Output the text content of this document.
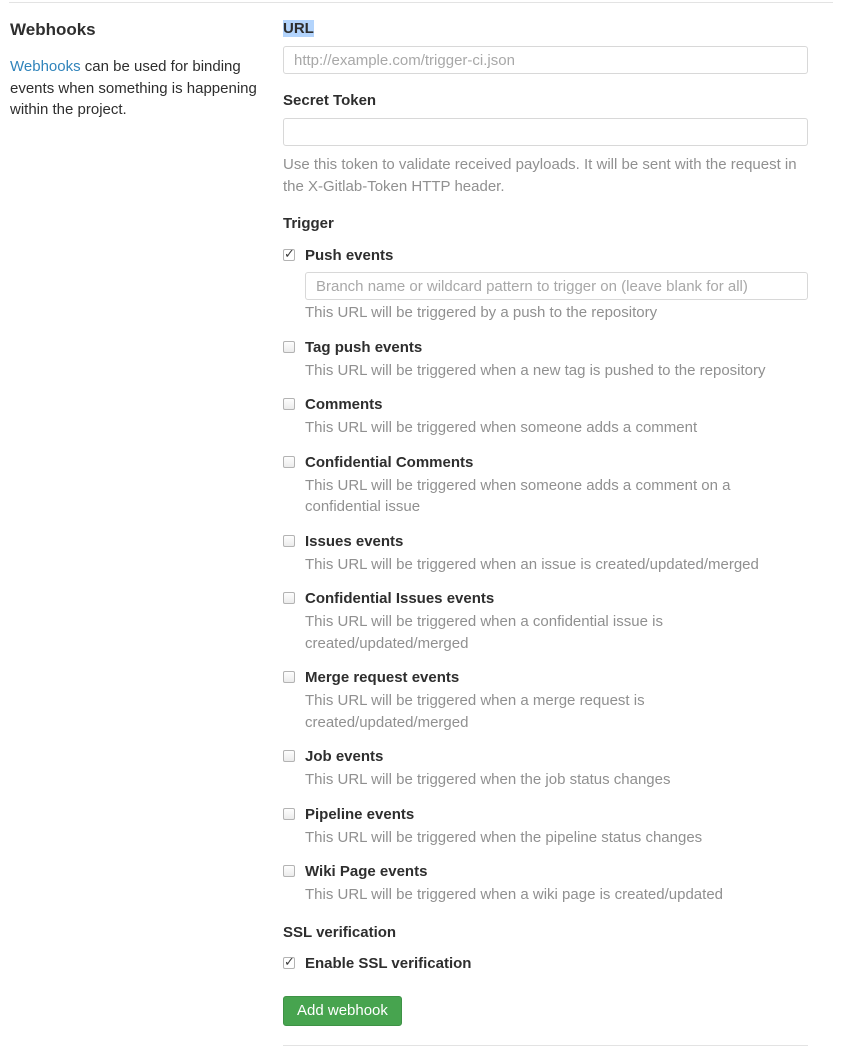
Webhooks

Webhooks can be used for binding events when something is happening within the project.

URL
http://example.com/trigger-ci.json
Secret Token
Use this token to validate received payloads. It will be sent with the request in the X-Gitlab-Token HTTP header.
Trigger
✓
Push events
Branch name or wildcard pattern to trigger on (leave blank for all)
This URL will be triggered by a push to the repository
Tag push events
This URL will be triggered when a new tag is pushed to the repository
Comments
This URL will be triggered when someone adds a comment
Confidential Comments
This URL will be triggered when someone adds a comment on a confidential issue
Issues events
This URL will be triggered when an issue is created/updated/merged
Confidential Issues events
This URL will be triggered when a confidential issue is created/updated/merged
Merge request events
This URL will be triggered when a merge request is created/updated/merged
Job events
This URL will be triggered when the job status changes
Pipeline events
This URL will be triggered when the pipeline status changes
Wiki Page events
This URL will be triggered when a wiki page is created/updated
SSL verification
✓
Enable SSL verification
Add webhook
